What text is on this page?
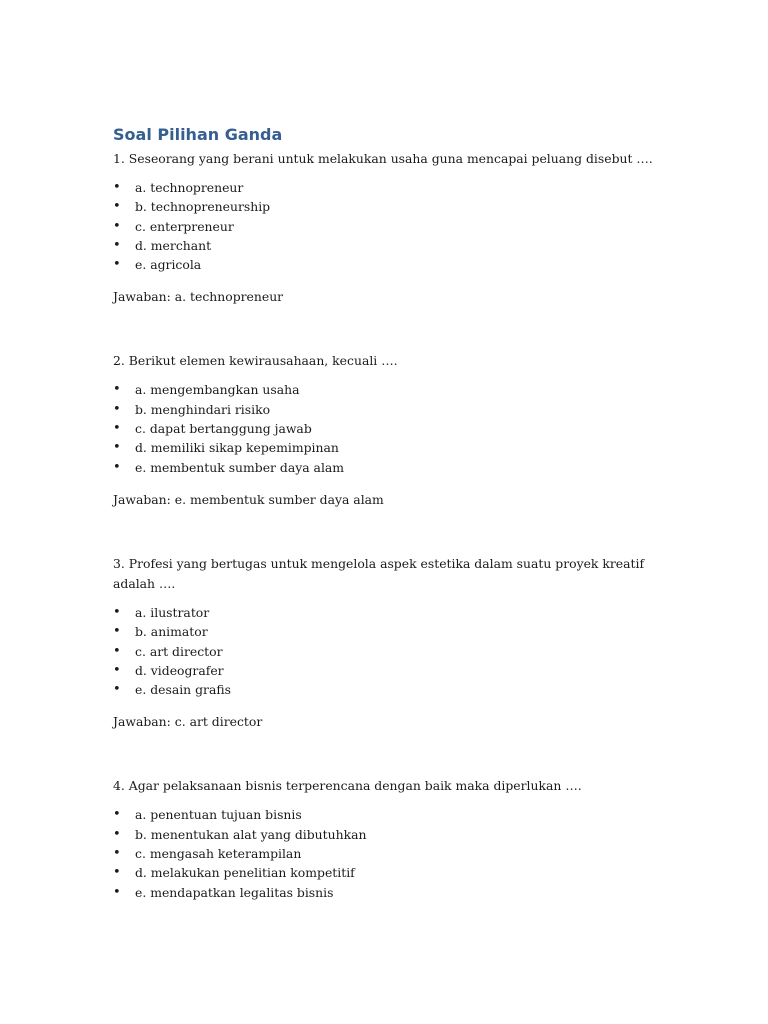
Soal Pilihan Ganda

1. Seseorang yang berani untuk melakukan usaha guna mencapai peluang disebut ….

• a. technopreneur
• b. technopreneurship
• c. enterpreneur
• d. merchant
• e. agricola

Jawaban: a. technopreneur

2. Berikut elemen kewirausahaan, kecuali ….

• a. mengembangkan usaha
• b. menghindari risiko
• c. dapat bertanggung jawab
• d. memiliki sikap kepemimpinan
• e. membentuk sumber daya alam

Jawaban: e. membentuk sumber daya alam

3. Profesi yang bertugas untuk mengelola aspek estetika dalam suatu proyek kreatif adalah ….

• a. ilustrator
• b. animator
• c. art director
• d. videografer
• e. desain grafis

Jawaban: c. art director

4. Agar pelaksanaan bisnis terperencana dengan baik maka diperlukan ….

• a. penentuan tujuan bisnis
• b. menentukan alat yang dibutuhkan
• c. mengasah keterampilan
• d. melakukan penelitian kompetitif
• e. mendapatkan legalitas bisnis
